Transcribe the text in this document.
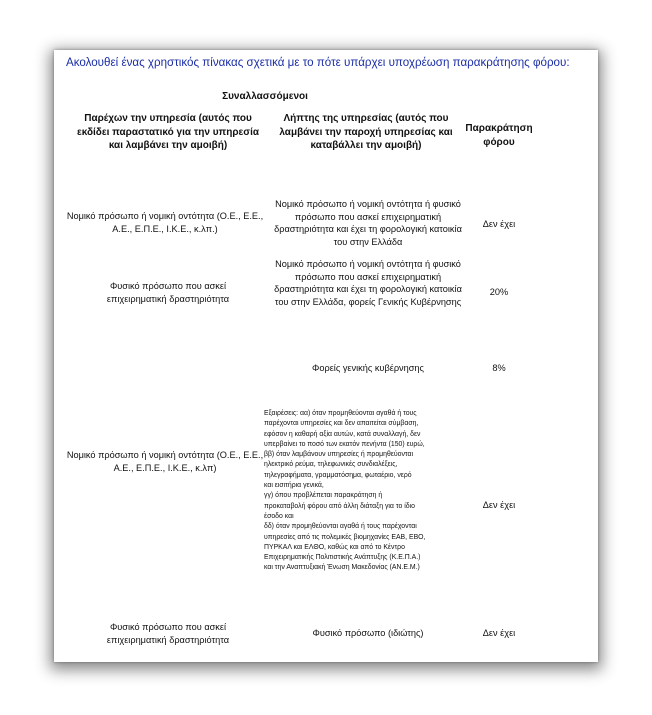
Ακολουθεί ένας χρηστικός πίνακας σχετικά με το πότε υπάρχει υποχρέωση παρακράτησης φόρου:
Συναλλασσόμενοι
Παρέχων την υπηρεσία (αυτός που εκδίδει παραστατικό για την υπηρεσία και λαμβάνει την αμοιβή)
Λήπτης της υπηρεσίας (αυτός που λαμβάνει την παροχή υπηρεσίας και καταβάλλει την αμοιβή)
Παρακράτηση φόρου
Νομικό πρόσωπο ή νομική οντότητα (Ο.Ε., Ε.Ε., Α.Ε., Ε.Π.Ε., Ι.Κ.Ε., κ.λπ.)
Νομικό πρόσωπο ή νομική οντότητα ή φυσικό πρόσωπο που ασκεί επιχειρηματική δραστηριότητα και έχει τη φορολογική κατοικία του στην Ελλάδα
Δεν έχει
Φυσικό πρόσωπο που ασκεί επιχειρηματική δραστηριότητα
Νομικό πρόσωπο ή νομική οντότητα ή φυσικό πρόσωπο που ασκεί επιχειρηματική δραστηριότητα και έχει τη φορολογική κατοικία του στην Ελλάδα, φορείς Γενικής Κυβέρνησης
20%
Φορείς γενικής κυβέρνησης	8%
Νομικό πρόσωπο ή νομική οντότητα (Ο.Ε., Ε.Ε., Α.Ε., Ε.Π.Ε., Ι.Κ.Ε., κ.λπ)
Εξαιρέσεις: αα) όταν προμηθεύονται αγαθά ή τους
παρέχονται υπηρεσίες και δεν απαιτείται σύμβαση,
εφόσον η καθαρή αξία αυτών, κατά συναλλαγή, δεν
υπερβαίνει το ποσό των εκατόν πενήντα (150) ευρώ,
ββ) όταν λαμβάνουν υπηρεσίες ή προμηθεύονται
ηλεκτρικό ρεύμα, τηλεφωνικές συνδιαλέξεις,
τηλεγραφήματα, γραμματόσημα, φωταέριο, νερό
και εισιτήρια γενικά,
γγ) όπου προβλέπεται παρακράτηση ή
προκαταβολή φόρου από άλλη διάταξη για το ίδιο
έσοδο και
δδ) όταν προμηθεύονται αγαθά ή τους παρέχονται
υπηρεσίες από τις πολεμικές βιομηχανίες ΕΑΒ, ΕΒΟ,
ΠΥΡΚΑΛ και ΕΛΘΟ, καθώς και από το Κέντρο
Επιχειρηματικής Πολιτιστικής Ανάπτυξης (Κ.Ε.Π.Α.)
και την Αναπτυξιακή Ένωση Μακεδονίας (ΑΝ.Ε.Μ.)
Δεν έχει
Φυσικό πρόσωπο που ασκεί επιχειρηματική δραστηριότητα
Φυσικό πρόσωπο (ιδιώτης)	Δεν έχει
